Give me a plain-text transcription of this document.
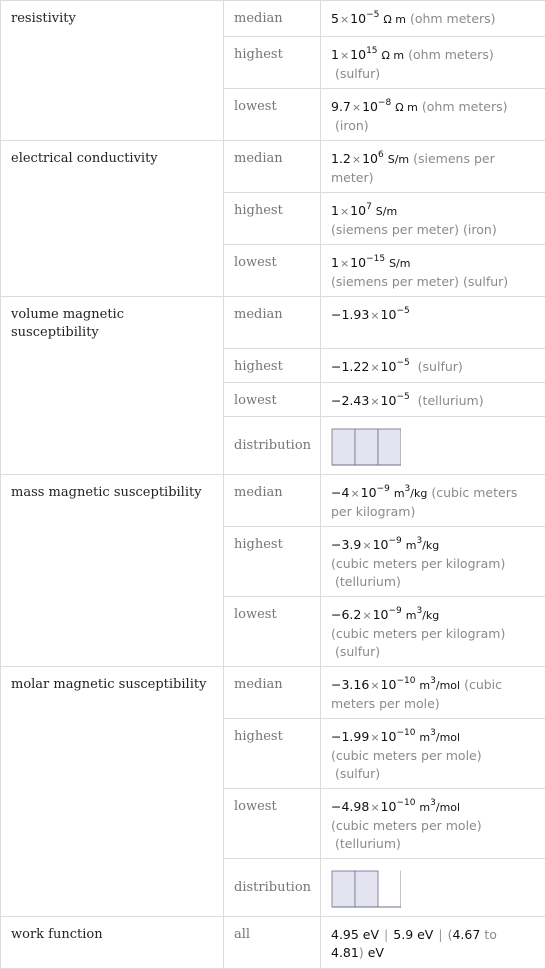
resistivity	median	$5\times 10^{-5}$ Ω m (ohm meters)
	highest	$1\times 10^{15}$ Ω m (ohm meters)
(sulfur)
	lowest	$9.7\times 10^{-8}$ Ω m (ohm meters)
(iron)
electrical conductivity	median	$1.2\times 10^6$ S/m (siemens per meter)
	highest	$1\times 10^7$ S/m
(siemens per meter) (iron)
	lowest	$1\times 10^{-15}$ S/m
(siemens per meter) (sulfur)
volume magnetic susceptibility	median	$-1.93\times 10^{-5}$
	highest	$-1.22\times 10^{-5}$ (sulfur)
	lowest	$-2.43\times 10^{-5}$ (tellurium)
	distribution	

mass magnetic susceptibility	median	$-4\times 10^{-9}$ $m^3/kg$ (cubic meters per kilogram)
	highest	$-3.9\times 10^{-9}$ $m^3/kg$
(cubic meters per kilogram)
(tellurium)
	lowest	$-6.2\times 10^{-9}$ $m^3/kg$
(cubic meters per kilogram)
(sulfur)
molar magnetic susceptibility	median	$-3.16\times 10^{-10}$ $m^3$/mol (cubic meters per mole)
	highest	$-1.99\times 10^{-10}$ $m^3$/mol
(cubic meters per mole)
(sulfur)
	lowest	$-4.98\times 10^{-10}$ $m^3$/mol
(cubic meters per mole)
(tellurium)
	distribution	

work function	all	4.95 eV | 5.9 eV | (4.67 to
4.81) eV
